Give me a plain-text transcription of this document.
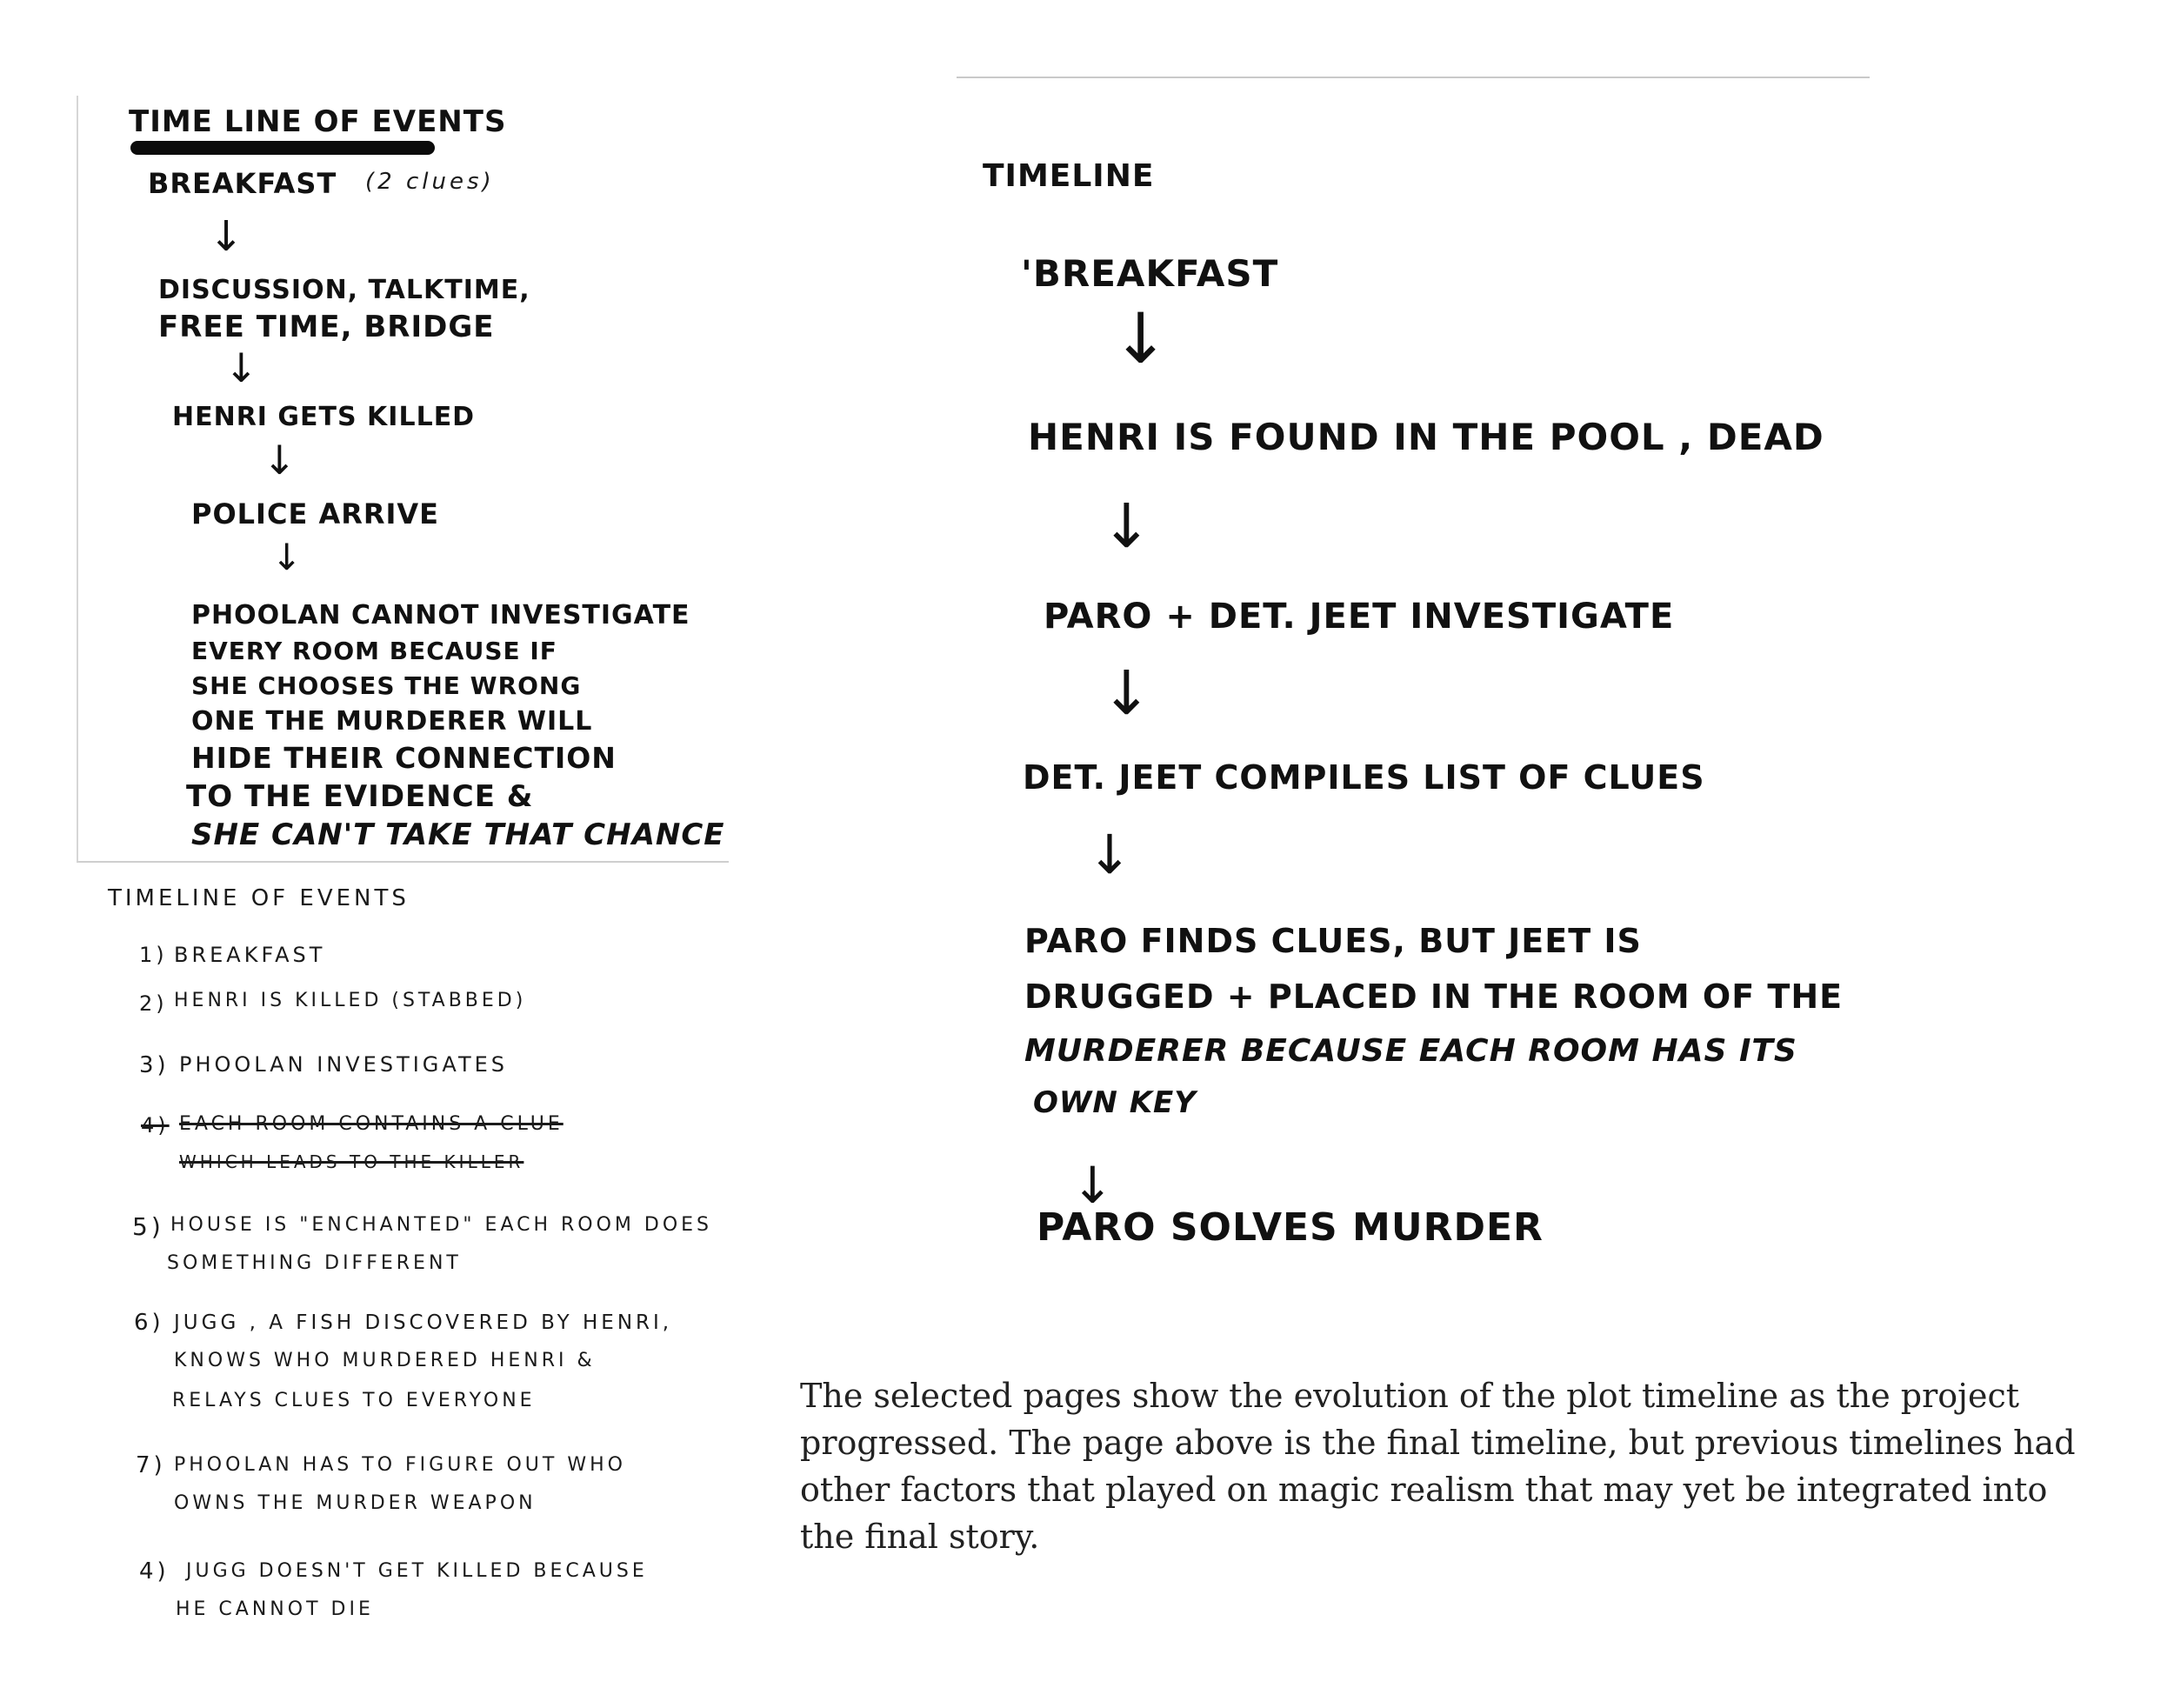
TIME LINE OF EVENTS

BREAKFAST (2 clues)

↓

DISCUSSION, TALKTIME,

FREE TIME, BRIDGE

↓

HENRI GETS KILLED

↓

POLICE ARRIVE

↓

PHOOLAN CANNOT INVESTIGATE

EVERY ROOM BECAUSE IF

SHE CHOOSES THE WRONG

ONE THE MURDERER WILL

HIDE THEIR CONNECTION

TO THE EVIDENCE &

SHE CAN'T TAKE THAT CHANCE

TIMELINE OF EVENTS

1) BREAKFAST

2) HENRI IS KILLED (STABBED)

3) PHOOLAN INVESTIGATES

4) EACH ROOM CONTAINS A CLUE

WHICH LEADS TO THE KILLER

5) HOUSE IS "ENCHANTED" EACH ROOM DOES

SOMETHING DIFFERENT

6) JUGG , A FISH DISCOVERED BY HENRI,

KNOWS WHO MURDERED HENRI &

RELAYS CLUES TO EVERYONE

7) PHOOLAN HAS TO FIGURE OUT WHO

OWNS THE MURDER WEAPON

4) JUGG DOESN'T GET KILLED BECAUSE

HE CANNOT DIE

TIMELINE

'BREAKFAST

↓

HENRI IS FOUND IN THE POOL , DEAD

↓

PARO + DET. JEET INVESTIGATE

↓

DET. JEET COMPILES LIST OF CLUES

↓

PARO FINDS CLUES, BUT JEET IS

DRUGGED + PLACED IN THE ROOM OF THE

MURDERER BECAUSE EACH ROOM HAS ITS

OWN KEY

↓

PARO SOLVES MURDER

The selected pages show the evolution of the plot timeline as the project progressed. The page above is the final timeline, but previous timelines had other factors that played on magic realism that may yet be integrated into the final story.
